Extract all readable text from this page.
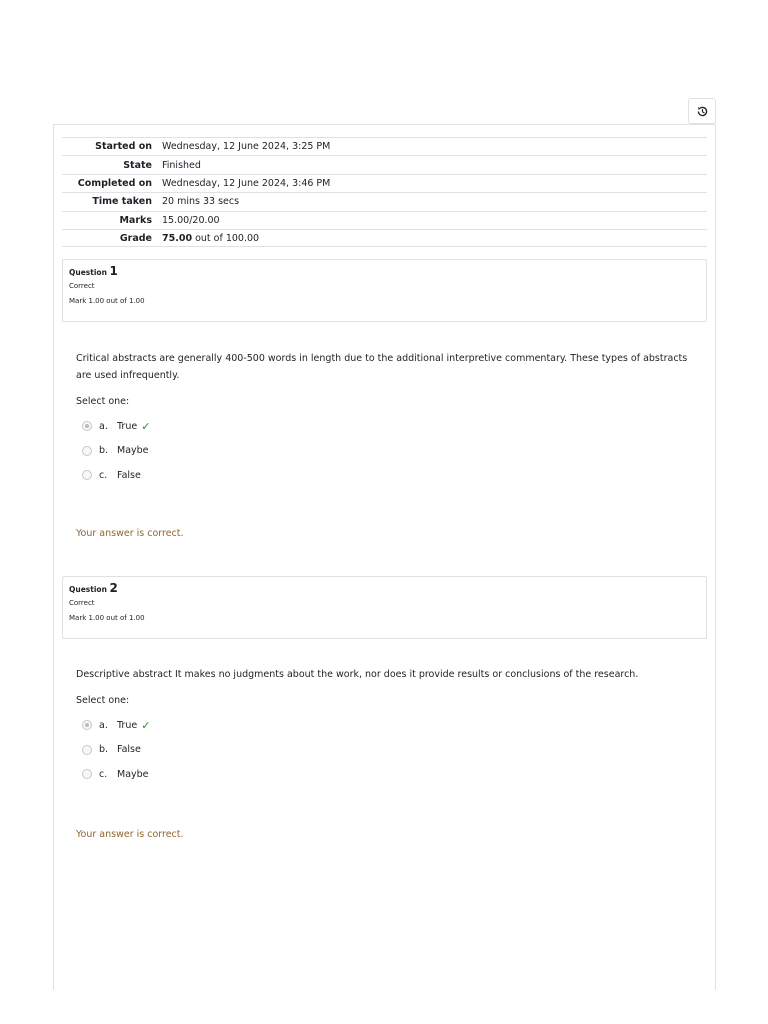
Started on	Wednesday, 12 June 2024, 3:25 PM
State	Finished
Completed on	Wednesday, 12 June 2024, 3:46 PM
Time taken	20 mins 33 secs
Marks	15.00/20.00
Grade	75.00 out of 100.00
Question 1
Correct
Mark 1.00 out of 1.00
Critical abstracts are generally 400-500 words in length due to the additional interpretive commentary. These types of abstracts are used infrequently.
Select one:
a. True ✓
b. Maybe
c.	False
Your answer is correct.
Question 2
Correct
Mark 1.00 out of 1.00
Descriptive abstract It makes no judgments about the work, nor does it provide results or conclusions of the research.
Select one:
a. True ✓
b. False
c.	Maybe
Your answer is correct.
